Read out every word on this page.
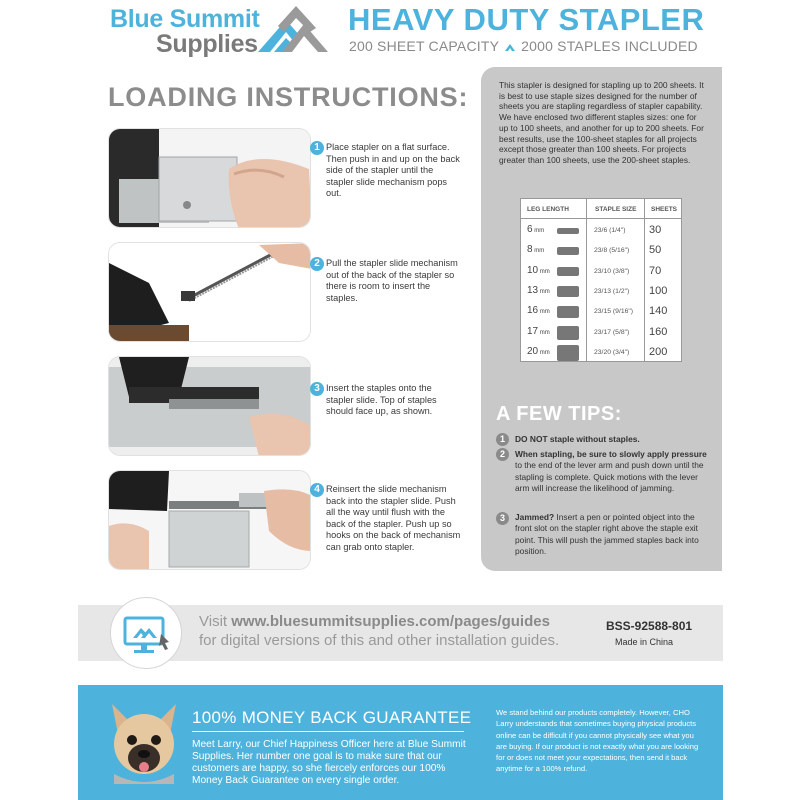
Blue Summit
Supplies
HEAVY DUTY STAPLER
200 SHEET CAPACITY 2000 STAPLES INCLUDED
LOADING INSTRUCTIONS:
1 Place stapler on a flat surface. Then push in and up on the back side of the stapler until the stapler slide mechanism pops out.
2 Pull the stapler slide mechanism out of the back of the stapler so there is room to insert the staples.
3 Insert the staples onto the stapler slide. Top of staples should face up, as shown.
4 Reinsert the slide mechanism back into the stapler slide. Push all the way until flush with the back of the stapler. Push up so hooks on the back of mechanism can grab onto stapler.
This stapler is designed for stapling up to 200 sheets. It is best to use staple sizes designed for the number of sheets you are stapling regardless of stapler capability. We have enclosed two different staples sizes: one for up to 100 sheets, and another for up to 200 sheets. For best results, use the 100-sheet staples for all projects except those greater than 100 sheets. For projects greater than 100 sheets, use the 200-sheet staples.
LEG LENGTH	STAPLE SIZE SHEETS
6 mm	23/6 (1/4") 30
8 mm	23/8 (5/16") 50
10 mm	23/10 (3/8") 70
13 mm	23/13 (1/2") 100
16 mm	23/15 (9/16") 140
17 mm	23/17 (5/8") 160
20 mm	23/20 (3/4") 200
A FEW TIPS:
1	DO NOT staple without staples.
2	When stapling, be sure to slowly apply pressure to the end of the lever arm and push down until the stapling is complete. Quick motions with the lever arm will increase the likelihood of jamming.
3	Jammed? Insert a pen or pointed object into the front slot on the stapler right above the staple exit point. This will push the jammed staples back into position.
Visit www.bluesummitsupplies.com/pages/guides
for digital versions of this and other installation guides.
BSS-92588-801
Made in China
100% MONEY BACK GUARANTEE
Meet Larry, our Chief Happiness Officer here at Blue Summit Supplies. Her number one goal is to make sure that our customers are happy, so she fiercely enforces our 100% Money Back Guarantee on every single order.
We stand behind our products completely. However, CHO Larry understands that sometimes buying physical products online can be difficult if you cannot physically see what you are buying. If our product is not exactly what you are looking for or does not meet your expectations, then send it back anytime for a 100% refund.
